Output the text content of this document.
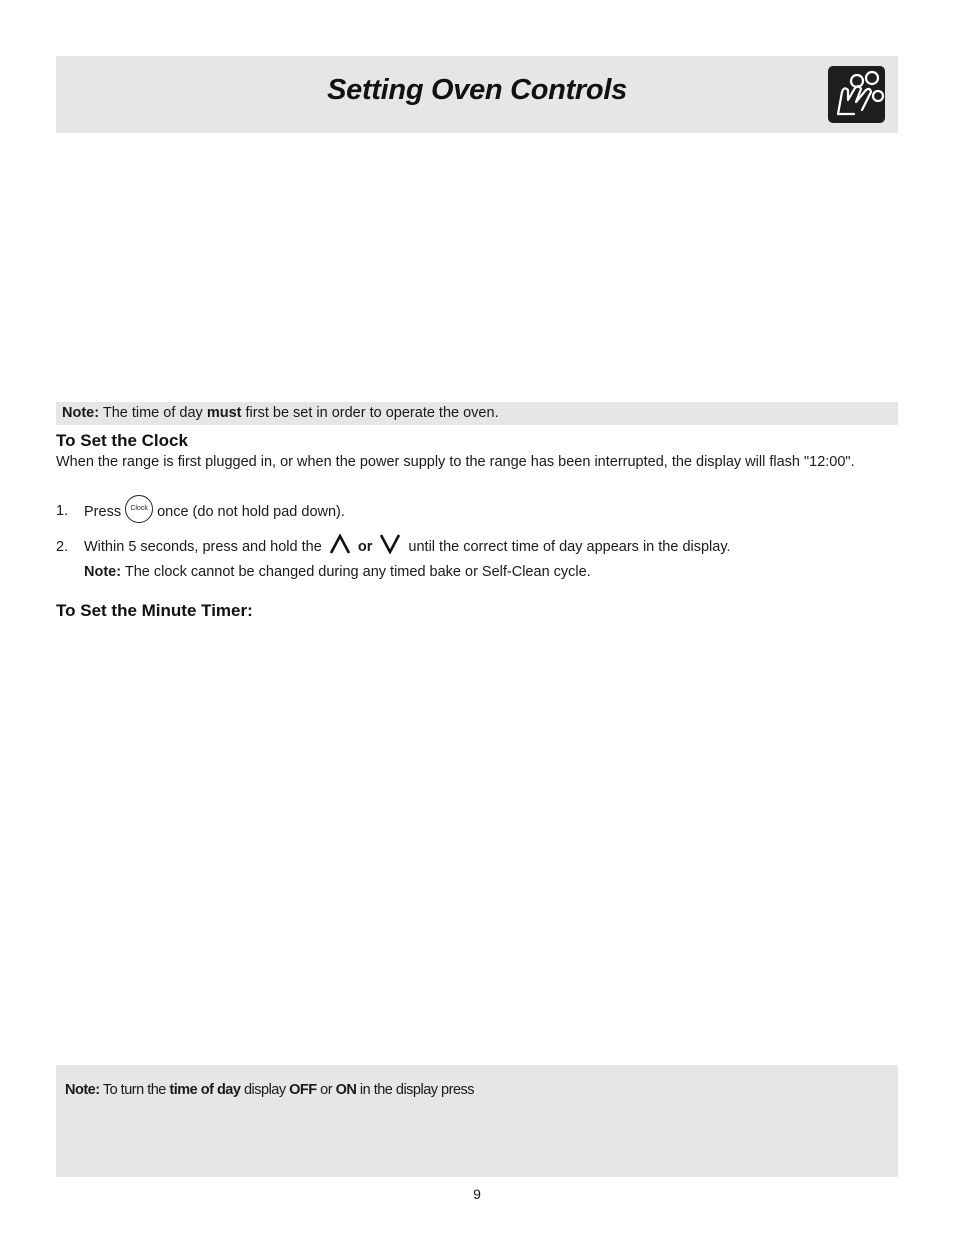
Setting Oven Controls
Note: The time of day must first be set in order to operate the oven.
To Set the Clock
When the range is first plugged in, or when the power supply to the range has been interrupted, the display will flash "12:00".
1. Press Clock once (do not hold pad down).
2. Within 5 seconds, press and hold the or until the correct time of day appears in the display.
Note: The clock cannot be changed during any timed bake or Self-Clean cycle.
To Set the Minute Timer:
Note: To turn the time of day display OFF or ON in the display press
9
